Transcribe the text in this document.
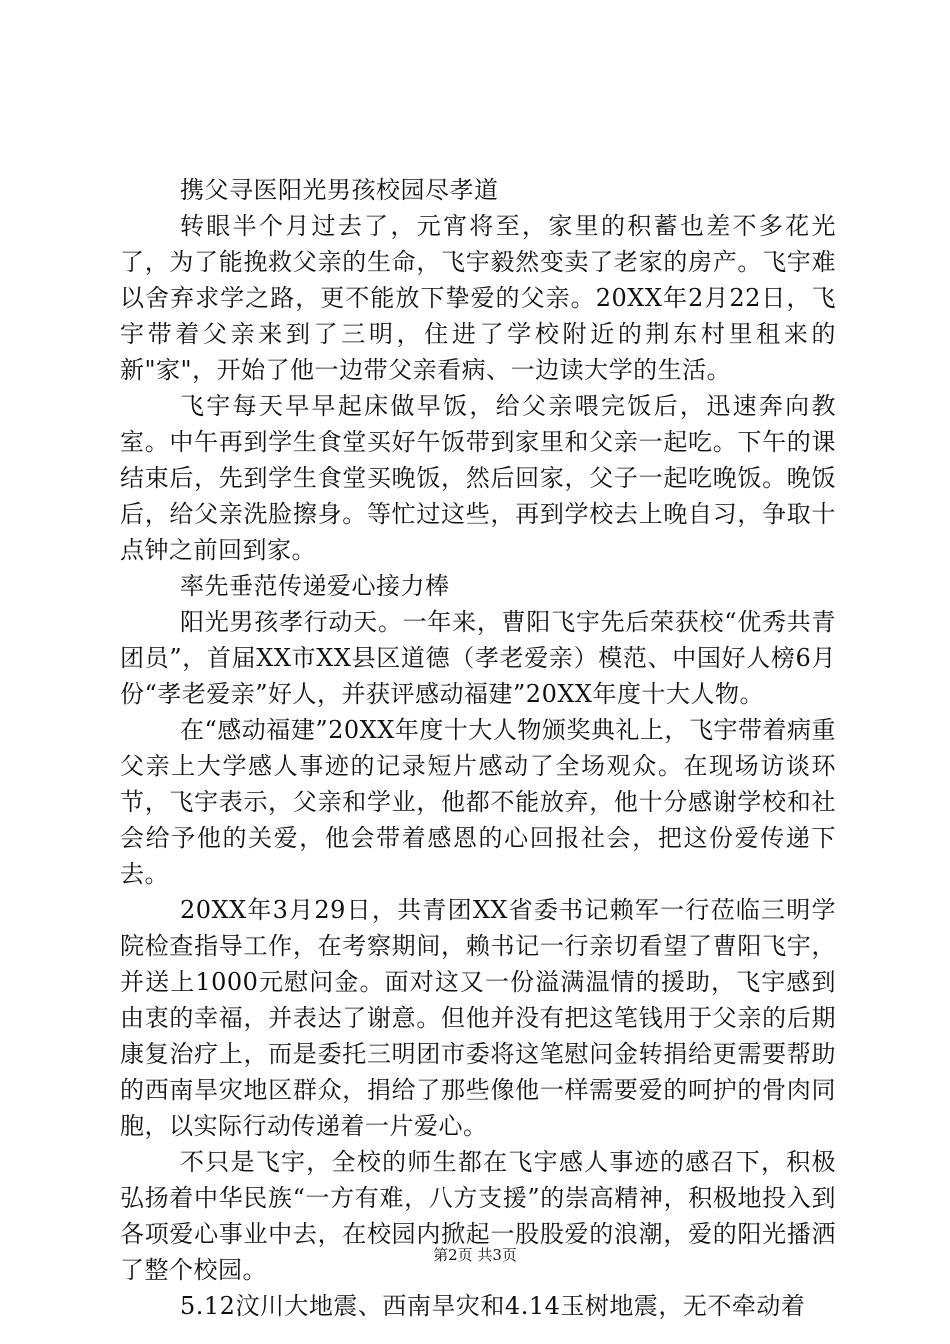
携父寻医阳光男孩校园尽孝道

转眼半个月过去了，元宵将至，家里的积蓄也差不多花光了，为了能挽救父亲的生命，飞宇毅然变卖了老家的房产。飞宇难以舍弃求学之路，更不能放下挚爱的父亲。20XX年2月22日，飞宇带着父亲来到了三明，住进了学校附近的荆东村里租来的新"家"，开始了他一边带父亲看病、一边读大学的生活。

飞宇每天早早起床做早饭，给父亲喂完饭后，迅速奔向教室。中午再到学生食堂买好午饭带到家里和父亲一起吃。下午的课结束后，先到学生食堂买晚饭，然后回家，父子一起吃晚饭。晚饭后，给父亲洗脸擦身。等忙过这些，再到学校去上晚自习，争取十点钟之前回到家。

率先垂范传递爱心接力棒

阳光男孩孝行动天。一年来，曹阳飞宇先后荣获校“优秀共青团员”，首届XX市XX县区道德（孝老爱亲）模范、中国好人榜6月份“孝老爱亲”好人，并获评感动福建”20XX年度十大人物。

在“感动福建”20XX年度十大人物颁奖典礼上，飞宇带着病重父亲上大学感人事迹的记录短片感动了全场观众。在现场访谈环节，飞宇表示，父亲和学业，他都不能放弃，他十分感谢学校和社会给予他的关爱，他会带着感恩的心回报社会，把这份爱传递下去。

20XX年3月29日，共青团XX省委书记赖军一行莅临三明学院检查指导工作，在考察期间，赖书记一行亲切看望了曹阳飞宇，并送上1000元慰问金。面对这又一份溢满温情的援助，飞宇感到由衷的幸福，并表达了谢意。但他并没有把这笔钱用于父亲的后期康复治疗上，而是委托三明团市委将这笔慰问金转捐给更需要帮助的西南旱灾地区群众，捐给了那些像他一样需要爱的呵护的骨肉同胞，以实际行动传递着一片爱心。

不只是飞宇，全校的师生都在飞宇感人事迹的感召下，积极弘扬着中华民族“一方有难，八方支援”的崇高精神，积极地投入到各项爱心事业中去，在校园内掀起一股股爱的浪潮，爱的阳光播洒了整个校园。

5.12汶川大地震、西南旱灾和4.14玉树地震，无不牵动着

第2页 共3页
